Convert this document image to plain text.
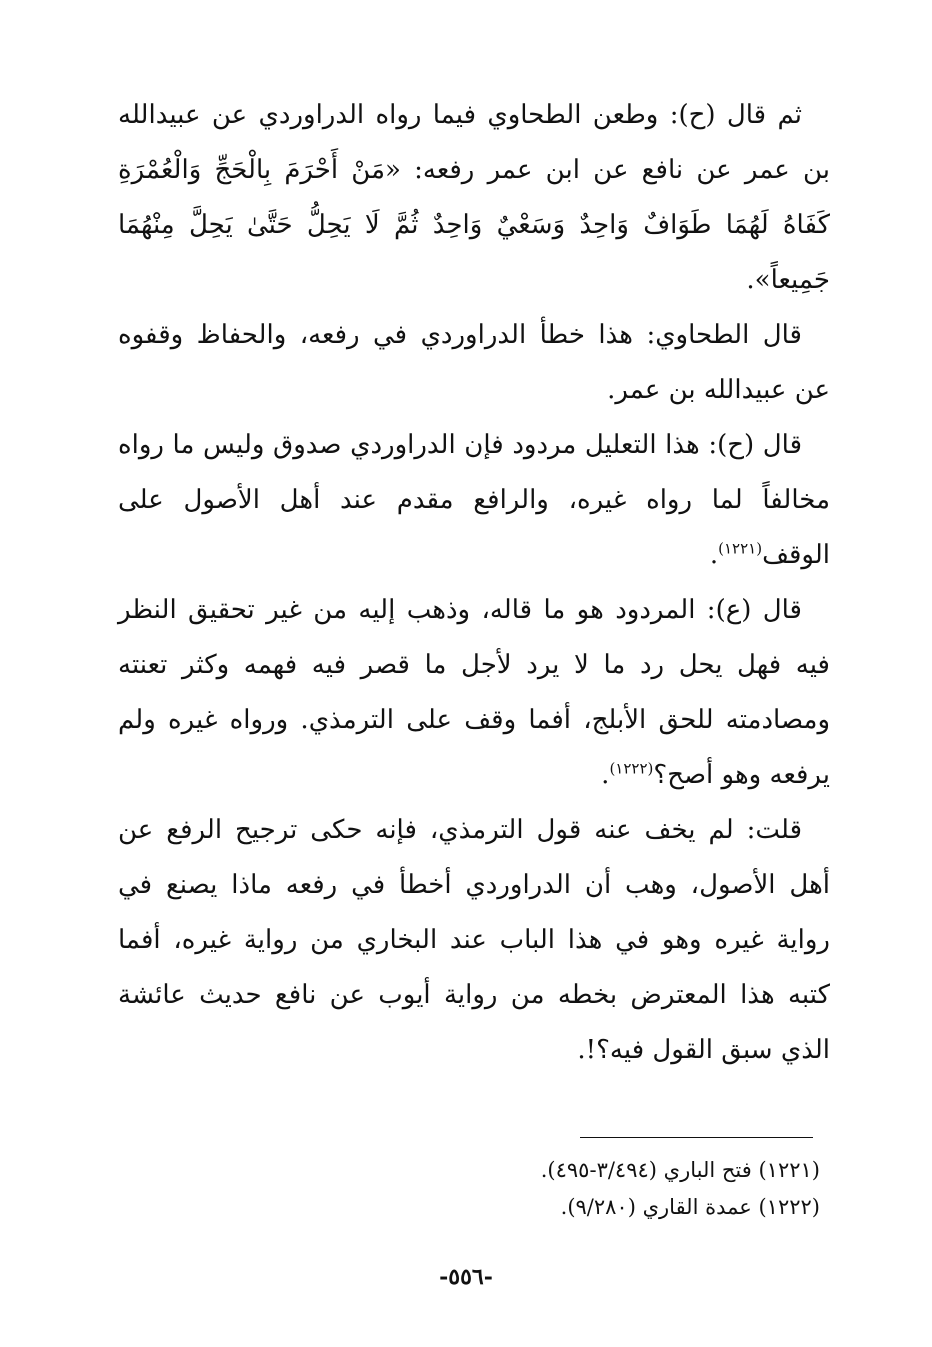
ثم قال (ح): وطعن الطحاوي فيما رواه الدراوردي عن عبيدالله بن عمر عن نافع عن ابن عمر رفعه: «مَنْ أَحْرَمَ بِالْحَجِّ وَالْعُمْرَةِ كَفَاهُ لَهُمَا طَوَافٌ وَاحِدٌ وَسَعْيٌ وَاحِدٌ ثُمَّ لَا يَحِلُّ حَتَّىٰ يَحِلَّ مِنْهُمَا جَمِيعاً».

قال الطحاوي: هذا خطأ الدراوردي في رفعه، والحفاظ وقفوه عن عبيدالله بن عمر.

قال (ح): هذا التعليل مردود فإن الدراوردي صدوق وليس ما رواه مخالفاً لما رواه غيره، والرافع مقدم عند أهل الأصول على الوقف$^{(١٢٢١)}$.

قال (ع): المردود هو ما قاله، وذهب إليه من غير تحقيق النظر فيه فهل يحل رد ما لا يرد لأجل ما قصر فيه فهمه وكثر تعنته ومصادمته للحق الأبلج، أفما وقف على الترمذي. ورواه غيره ولم يرفعه وهو أصح؟$^{(١٢٢٢)}$.

قلت: لم يخف عنه قول الترمذي، فإنه حكى ترجيح الرفع عن أهل الأصول، وهب أن الدراوردي أخطأ في رفعه ماذا يصنع في رواية غيره وهو في هذا الباب عند البخاري من رواية غيره، أفما كتبه هذا المعترض بخطه من رواية أيوب عن نافع حديث عائشة الذي سبق القول فيه؟!.

(١٢٢١) فتح الباري (٣/٤٩٤-٤٩٥).

(١٢٢٢) عمدة القاري (٩/٢٨٠).

-٥٥٦-
